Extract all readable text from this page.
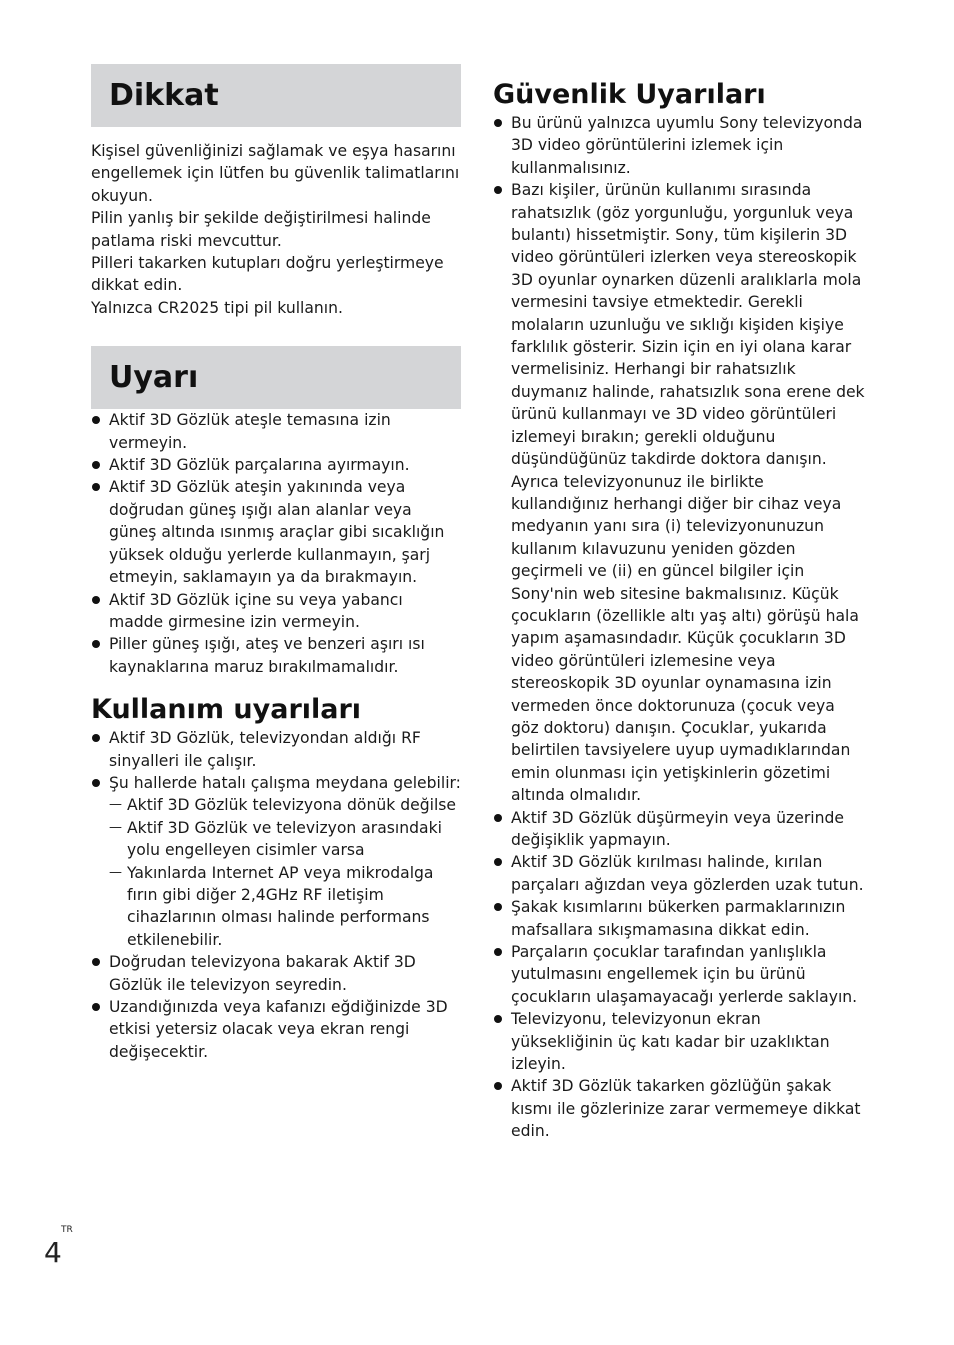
Dikkat

Kişisel güvenliğinizi sağlamak ve eşya hasarını engellemek için lütfen bu güvenlik talimatlarını okuyun.
Pilin yanlış bir şekilde değiştirilmesi halinde patlama riski mevcuttur.
Pilleri takarken kutupları doğru yerleştirmeye dikkat edin.
Yalnızca CR2025 tipi pil kullanın.

Uyarı
Aktif 3D Gözlük ateşle temasına izin vermeyin.
Aktif 3D Gözlük parçalarına ayırmayın.
Aktif 3D Gözlük ateşin yakınında veya doğrudan güneş ışığı alan alanlar veya güneş altında ısınmış araçlar gibi sıcaklığın yüksek olduğu yerlerde kullanmayın, şarj etmeyin, saklamayın ya da bırakmayın.
Aktif 3D Gözlük içine su veya yabancı madde girmesine izin vermeyin.
Piller güneş ışığı, ateş ve benzeri aşırı ısı kaynaklarına maruz bırakılmamalıdır.
Kullanım uyarıları
Aktif 3D Gözlük, televizyondan aldığı RF sinyalleri ile çalışır.
Şu hallerde hatalı çalışma meydana gelebilir:
— Aktif 3D Gözlük televizyona dönük değilse
— Aktif 3D Gözlük ve televizyon arasındaki yolu engelleyen cisimler varsa
— Yakınlarda Internet AP veya mikrodalga fırın gibi diğer 2,4GHz RF iletişim cihazlarının olması halinde performans etkilenebilir.
Doğrudan televizyona bakarak Aktif 3D Gözlük ile televizyon seyredin.
Uzandığınızda veya kafanızı eğdiğinizde 3D etkisi yetersiz olacak veya ekran rengi değişecektir.
Güvenlik Uyarıları
Bu ürünü yalnızca uyumlu Sony televizyonda 3D video görüntülerini izlemek için kullanmalısınız.
Bazı kişiler, ürünün kullanımı sırasında rahatsızlık (göz yorgunluğu, yorgunluk veya bulantı) hissetmiştir. Sony, tüm kişilerin 3D video görüntüleri izlerken veya stereoskopik 3D oyunlar oynarken düzenli aralıklarla mola vermesini tavsiye etmektedir. Gerekli molaların uzunluğu ve sıklığı kişiden kişiye farklılık gösterir. Sizin için en iyi olana karar vermelisiniz. Herhangi bir rahatsızlık duymanız halinde, rahatsızlık sona erene dek ürünü kullanmayı ve 3D video görüntüleri izlemeyi bırakın; gerekli olduğunu düşündüğünüz takdirde doktora danışın. Ayrıca televizyonunuz ile birlikte kullandığınız herhangi diğer bir cihaz veya medyanın yanı sıra (i) televizyonunuzun kullanım kılavuzunu yeniden gözden geçirmeli ve (ii) en güncel bilgiler için Sony'nin web sitesine bakmalısınız. Küçük çocukların (özellikle altı yaş altı) görüşü hala yapım aşamasındadır. Küçük çocukların 3D video görüntüleri izlemesine veya stereoskopik 3D oyunlar oynamasına izin vermeden önce doktorunuza (çocuk veya göz doktoru) danışın. Çocuklar, yukarıda belirtilen tavsiyelere uyup uymadıklarından emin olunması için yetişkinlerin gözetimi altında olmalıdır.
Aktif 3D Gözlük düşürmeyin veya üzerinde değişiklik yapmayın.
Aktif 3D Gözlük kırılması halinde, kırılan parçaları ağızdan veya gözlerden uzak tutun.
Şakak kısımlarını bükerken parmaklarınızın mafsallara sıkışmamasına dikkat edin.
Parçaların çocuklar tarafından yanlışlıkla yutulmasını engellemek için bu ürünü çocukların ulaşamayacağı yerlerde saklayın.
Televizyonu, televizyonun ekran yüksekliğinin üç katı kadar bir uzaklıktan izleyin.
Aktif 3D Gözlük takarken gözlüğün şakak kısmı ile gözlerinize zarar vermemeye dikkat edin.
TR
4
